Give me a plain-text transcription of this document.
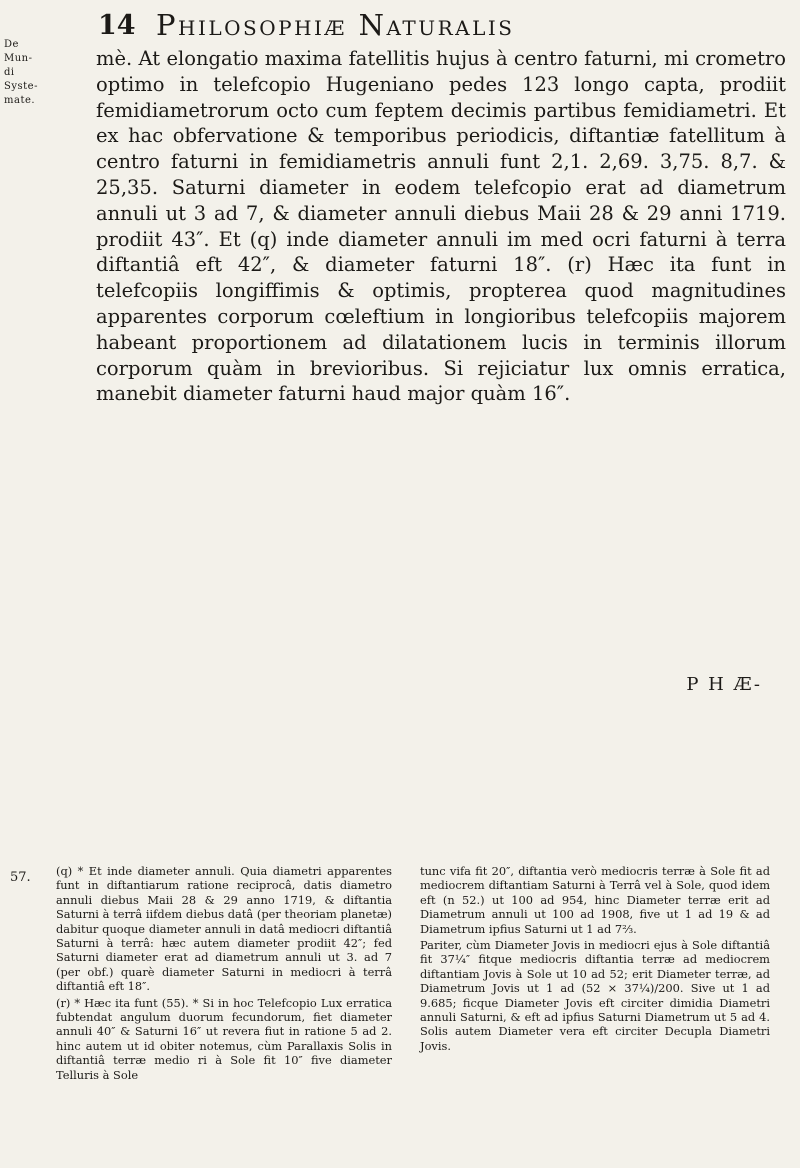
De Mun-
di Syste-
mate.
14 Philosophiæ Naturalis

mè. At elongatio maxima fatellitis hujus à centro faturni, mi crometro optimo in telefcopio Hugeniano pedes 123 longo capta, prodiit femidiametrorum octo cum feptem decimis partibus femidiametri. Et ex hac obfervatione & temporibus periodicis, diftantiæ fatellitum à centro faturni in femidiametris annuli funt 2,1. 2,69. 3,75. 8,7. & 25,35. Saturni diameter in eodem telefcopio erat ad diametrum annuli ut 3 ad 7, & diameter annuli diebus Maii 28 & 29 anni 1719. prodiit 43″. Et (q) inde diameter annuli im med ocri faturni à terra diftantiâ eft 42″, & diameter faturni 18″. (r) Hæc ita funt in telefcopiis longiffimis & optimis, propterea quod magnitudines apparentes corporum cœleftium in longioribus telefcopiis majorem habeant proportionem ad dilatationem lucis in terminis illorum corporum quàm in brevioribus. Si rejiciatur lux omnis erratica, manebit diameter faturni haud major quàm 16″.

P H Æ-
57. (q) * Et inde diameter annuli. Quia diametri apparentes funt in diftantiarum ratione reciprocâ, datis diametro annuli diebus Maii 28 & 29 anno 1719, & diftantia Saturni à terrâ iifdem diebus datâ (per theoriam planetæ) dabitur quoque diameter annuli in datâ mediocri diftantiâ Saturni à terrâ: hæc autem diameter prodiit 42″; fed Saturni diameter erat ad diametrum annuli ut 3. ad 7 (per obf.) quarè diameter Saturni in mediocri à terrâ diftantiâ eft 18″.

(r) * Hæc ita funt (55). * Si in hoc Telefcopio Lux erratica fubtendat angulum duorum fecundorum, fiet diameter annuli 40″ & Saturni 16″ ut revera fiut in ratione 5 ad 2. hinc autem ut id obiter notemus, cùm Parallaxis Solis in diftantiâ terræ medio ri à Sole fit 10″ five diameter Telluris à Sole

tunc vifa fit 20″, diftantia verò mediocris terræ à Sole fit ad mediocrem diftantiam Saturni à Terrâ vel à Sole, quod idem eft (n 52.) ut 100 ad 954, hinc Diameter terræ erit ad Diametrum annuli ut 100 ad 1908, five ut 1 ad 19 & ad Diametrum ipfius Saturni ut 1 ad 7⅔.

Pariter, cùm Diameter Jovis in mediocri ejus à Sole diftantiâ fit 37¼″ fitque mediocris diftantia terræ ad mediocrem diftantiam Jovis à Sole ut 10 ad 52; erit Diameter terræ, ad Diametrum Jovis ut 1 ad (52 × 37¼)/200. Sive ut 1 ad 9.685; ficque Diameter Jovis eft circiter dimidia Diametri annuli Saturni, & eft ad ipfius Saturni Diametrum ut 5 ad 4. Solis autem Diameter vera eft circiter Decupla Diametri Jovis.
